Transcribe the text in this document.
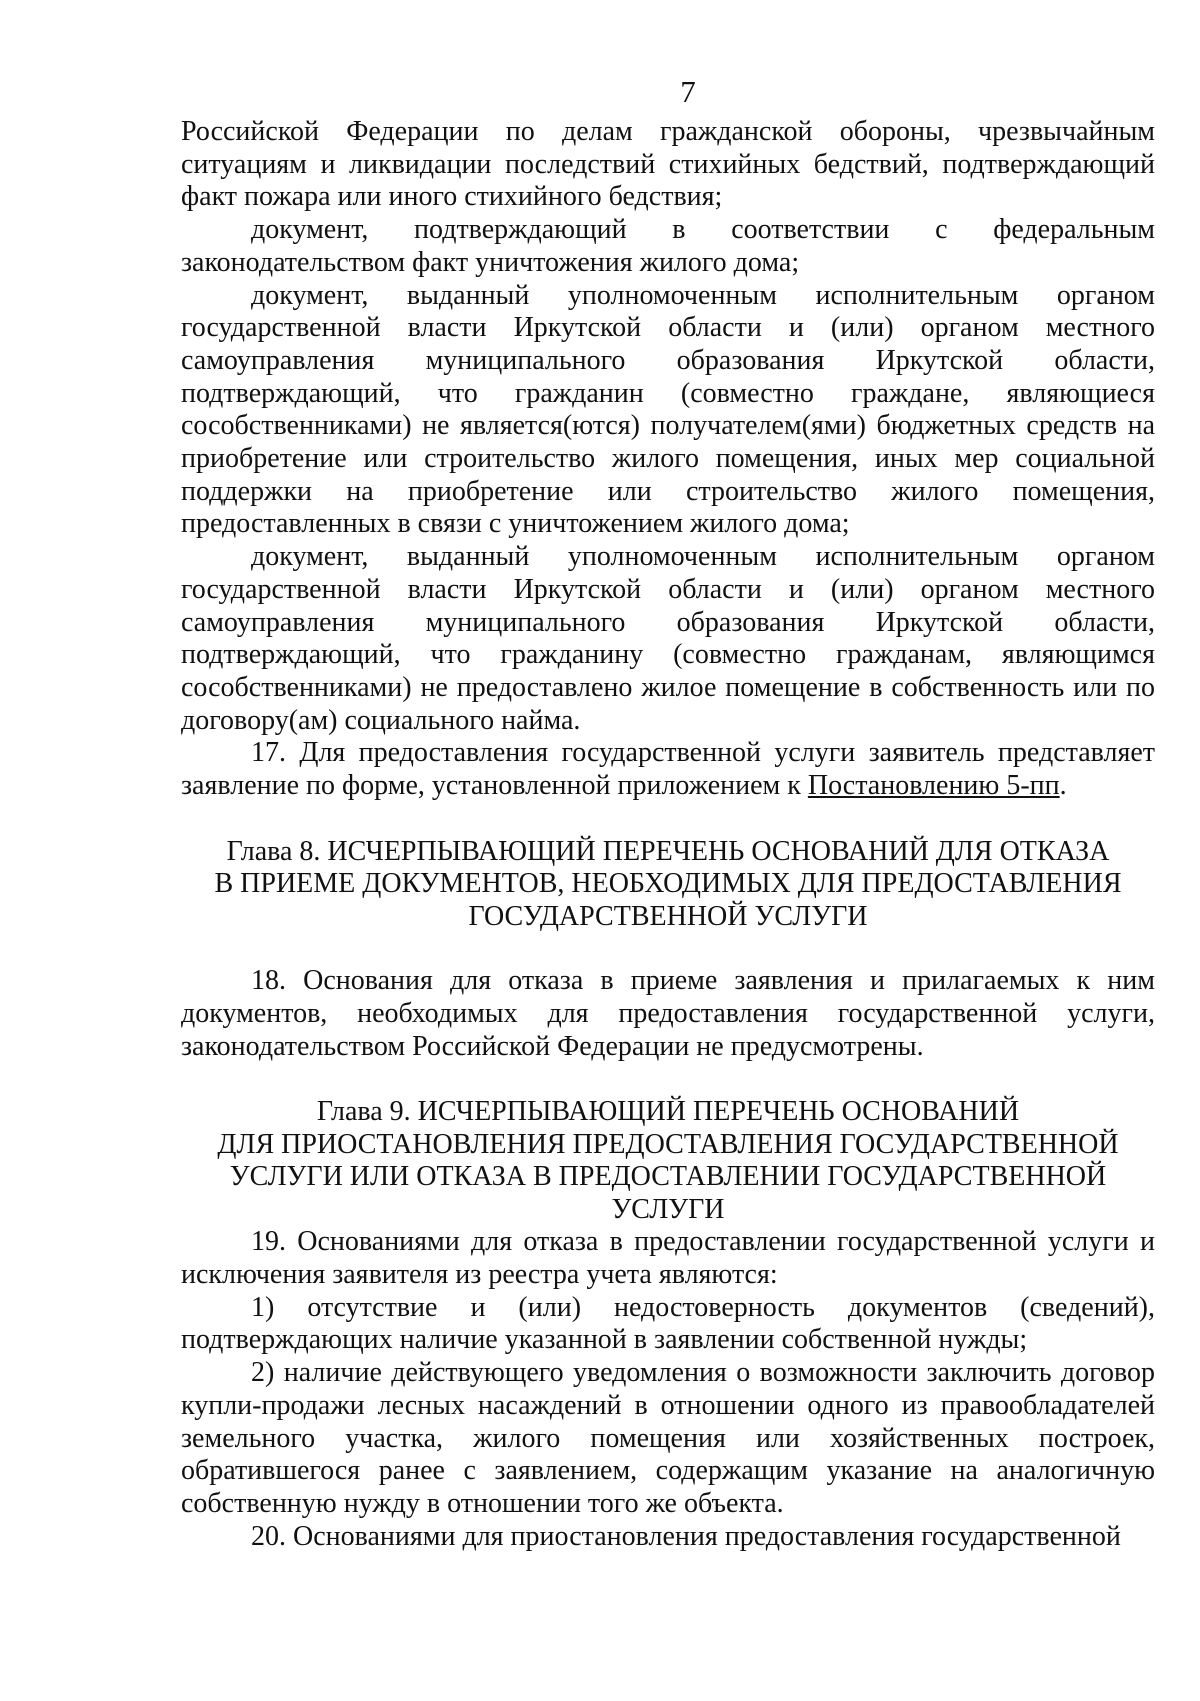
7

Российской Федерации по делам гражданской обороны, чрезвычайным ситуациям и ликвидации последствий стихийных бедствий, подтверждающий факт пожара или иного стихийного бедствия;

документ, подтверждающий в соответствии с федеральным законодательством факт уничтожения жилого дома;

документ, выданный уполномоченным исполнительным органом государственной власти Иркутской области и (или) органом местного самоуправления муниципального образования Иркутской области, подтверждающий, что гражданин (совместно граждане, являющиеся сособственниками) не является(ются) получателем(ями) бюджетных средств на приобретение или строительство жилого помещения, иных мер социальной поддержки на приобретение или строительство жилого помещения, предоставленных в связи с уничтожением жилого дома;

документ, выданный уполномоченным исполнительным органом государственной власти Иркутской области и (или) органом местного самоуправления муниципального образования Иркутской области, подтверждающий, что гражданину (совместно гражданам, являющимся сособственниками) не предоставлено жилое помещение в собственность или по договору(ам) социального найма.

17. Для предоставления государственной услуги заявитель представляет заявление по форме, установленной приложением к Постановлению 5-пп.

Глава 8. ИСЧЕРПЫВАЮЩИЙ ПЕРЕЧЕНЬ ОСНОВАНИЙ ДЛЯ ОТКАЗА
В ПРИЕМЕ ДОКУМЕНТОВ, НЕОБХОДИМЫХ ДЛЯ ПРЕДОСТАВЛЕНИЯ
ГОСУДАРСТВЕННОЙ УСЛУГИ

18. Основания для отказа в приеме заявления и прилагаемых к ним документов, необходимых для предоставления государственной услуги, законодательством Российской Федерации не предусмотрены.

Глава 9. ИСЧЕРПЫВАЮЩИЙ ПЕРЕЧЕНЬ ОСНОВАНИЙ
ДЛЯ ПРИОСТАНОВЛЕНИЯ ПРЕДОСТАВЛЕНИЯ ГОСУДАРСТВЕННОЙ
УСЛУГИ ИЛИ ОТКАЗА В ПРЕДОСТАВЛЕНИИ ГОСУДАРСТВЕННОЙ
УСЛУГИ

19. Основаниями для отказа в предоставлении государственной услуги и исключения заявителя из реестра учета являются:

1) отсутствие и (или) недостоверность документов (сведений), подтверждающих наличие указанной в заявлении собственной нужды;

2) наличие действующего уведомления о возможности заключить договор купли-продажи лесных насаждений в отношении одного из правообладателей земельного участка, жилого помещения или хозяйственных построек, обратившегося ранее с заявлением, содержащим указание на аналогичную собственную нужду в отношении того же объекта.

20. Основаниями для приостановления предоставления государственной
